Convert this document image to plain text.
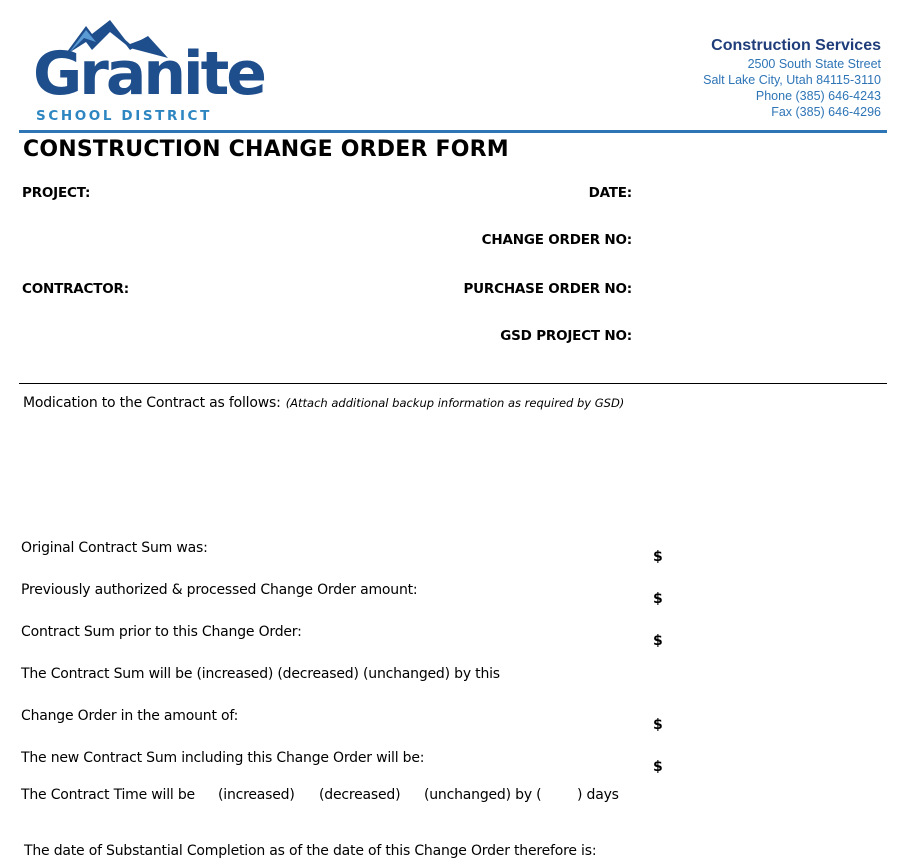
Granite
SCHOOL DISTRICT
Construction Services
2500 South State Street
Salt Lake City, Utah 84115-3110
Phone (385) 646-4243
Fax (385) 646-4296
CONSTRUCTION CHANGE ORDER FORM
PROJECT:
CONTRACTOR:
DATE:
CHANGE ORDER NO:
PURCHASE ORDER NO:
GSD PROJECT NO:
Modication to the Contract as follows: (Attach additional backup information as required by GSD)
Original Contract Sum was:
$
Previously authorized & processed Change Order amount:
$
Contract Sum prior to this Change Order:
$
The Contract Sum will be (increased) (decreased) (unchanged) by this
Change Order in the amount of:
$
The new Contract Sum including this Change Order will be:
$
The Contract Time will be (increased) (decreased) (unchanged) by (	) days
The date of Substantial Completion as of the date of this Change Order therefore is:
